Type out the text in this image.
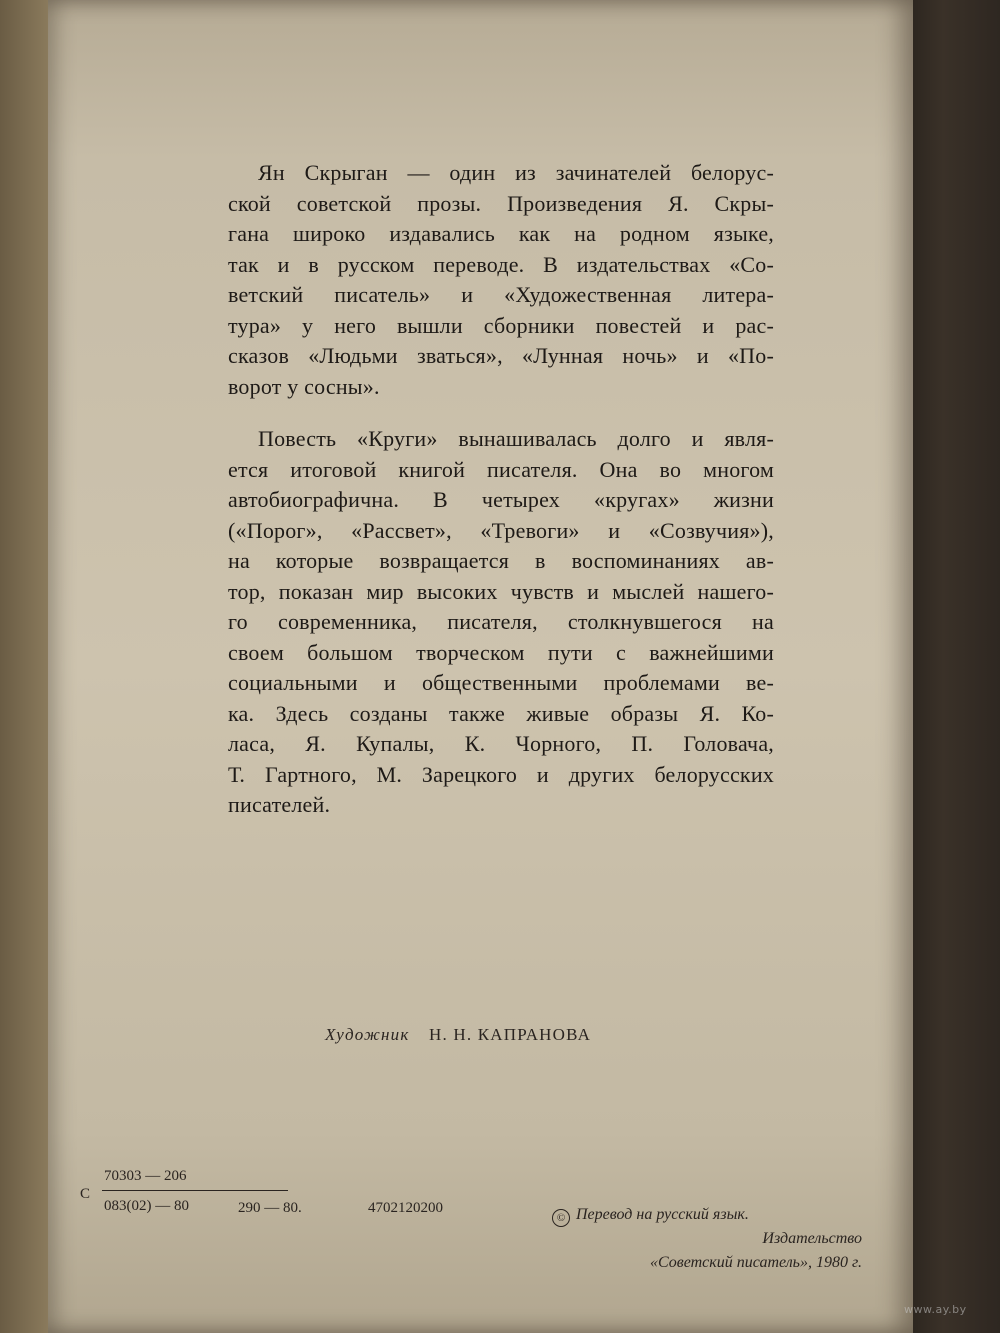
Ян Скрыган — один из зачинателей белорус-
ской советской прозы. Произведения Я. Скры-
гана широко издавались как на родном языке,
так и в русском переводе. В издательствах «Со-
ветский писатель» и «Художественная литера-
тура» у него вышли сборники повестей и рас-
сказов «Людьми зваться», «Лунная ночь» и «По-
ворот у сосны».
Повесть «Круги» вынашивалась долго и явля-
ется итоговой книгой писателя. Она во многом
автобиографична. В четырех «кругах» жизни
(«Порог», «Рассвет», «Тревоги» и «Созвучия»),
на которые возвращается в воспоминаниях ав-
тор, показан мир высоких чувств и мыслей нашего-
го современника, писателя, столкнувшегося на
своем большом творческом пути с важнейшими
социальными и общественными проблемами ве-
ка. Здесь созданы также живые образы Я. Ко-
ласа, Я. Купалы, К. Чорного, П. Головача,
Т. Гартного, М. Зарецкого и других белорусских
писателей.
Художник Н. Н. КАПРАНОВА
С
70303 — 206
083(02) — 80	290 — 80.	4702120200
© Перевод на русский язык.
Издательство
«Советский писатель», 1980 г.
www.ay.by
